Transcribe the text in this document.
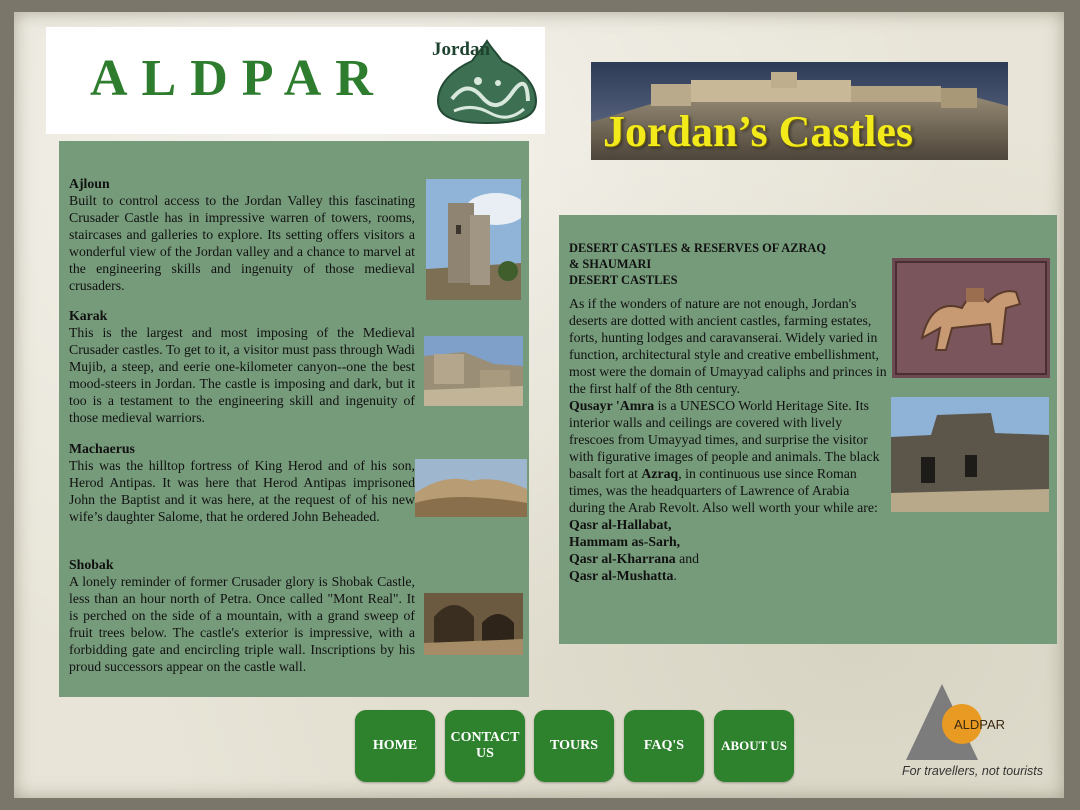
ALDPAR
Jordan
Jordan’s Castles
Ajloun
Built to control access to the Jordan Valley this fascinating Crusader Castle has in impressive warren of towers, rooms, staircases and galleries to explore. Its setting offers visitors a wonderful view of the Jordan valley and a chance to marvel at the engineering skills and ingenuity of those medieval crusaders.
Karak
This is the largest and most imposing of the Medieval Crusader castles. To get to it, a visitor must pass through Wadi Mujib, a steep, and eerie one-kilometer canyon--one the best mood-steers in Jordan. The castle is imposing and dark, but it too is a testament to the engineering skill and ingenuity of those medieval warriors.
Machaerus
This was the hilltop fortress of King Herod and of his son, Herod Antipas. It was here that Herod Antipas imprisoned John the Baptist and it was here, at the request of of his new wife’s daughter Salome, that he ordered John Beheaded.
Shobak
A lonely reminder of former Crusader glory is Shobak Castle, less than an hour north of Petra. Once called "Mont Real". It is perched on the side of a mountain, with a grand sweep of fruit trees below. The castle's exterior is impressive, with a forbidding gate and encircling triple wall. Inscriptions by his proud successors appear on the castle wall.
DESERT CASTLES & RESERVES OF AZRAQ
& SHAUMARI
DESERT CASTLES
As if the wonders of nature are not enough, Jordan's deserts are dotted with ancient castles, farming estates, forts, hunting lodges and caravanserai. Widely varied in function, architectural style and creative embellishment, most were the domain of Umayyad caliphs and princes in the first half of the 8th century.
Qusayr 'Amra is a UNESCO World Heritage Site. Its interior walls and ceilings are covered with lively frescoes from Umayyad times, and surprise the visitor with figurative images of people and animals. The black basalt fort at Azraq, in continuous use since Roman times, was the headquarters of Lawrence of Arabia during the Arab Revolt. Also well worth your while are: Qasr al-Hallabat,
Hammam as-Sarh,
Qasr al-Kharrana and
Qasr al-Mushatta.
HOME
CONTACT
US
TOURS	FAQ'S	ABOUT US
ALDPAR
For travellers, not tourists
